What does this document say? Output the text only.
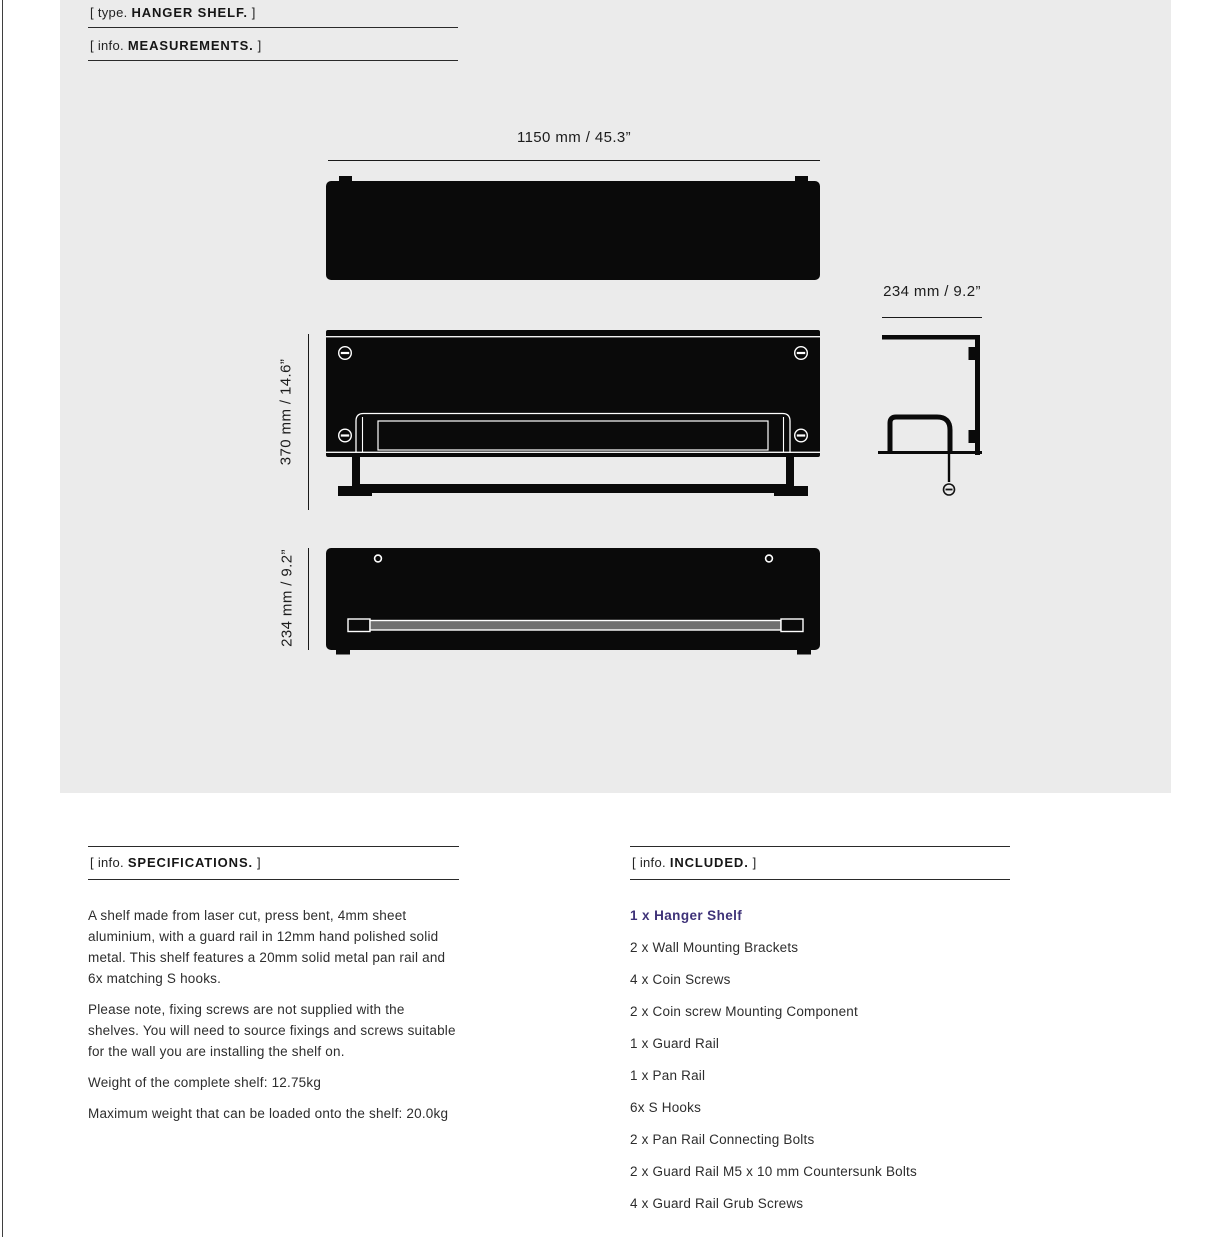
[ type. HANGER SHELF. ]
[ info. MEASUREMENTS. ]
1150 mm / 45.3”
370 mm / 14.6”
234 mm / 9.2”
234 mm / 9.2”
[ info. SPECIFICATIONS. ]

A shelf made from laser cut, press bent, 4mm sheet aluminium, with a guard rail in 12mm hand polished solid metal. This shelf features a 20mm solid metal pan rail and 6x matching S hooks.

Please note, fixing screws are not supplied with the shelves. You will need to source fixings and screws suitable for the wall you are installing the shelf on.

Weight of the complete shelf: 12.75kg

Maximum weight that can be loaded onto the shelf: 20.0kg

[ info. INCLUDED. ]
1 x Hanger Shelf
2 x Wall Mounting Brackets
4 x Coin Screws
2 x Coin screw Mounting Component
1 x Guard Rail
1 x Pan Rail
6x S Hooks
2 x Pan Rail Connecting Bolts
2 x Guard Rail M5 x 10 mm Countersunk Bolts
4 x Guard Rail Grub Screws
